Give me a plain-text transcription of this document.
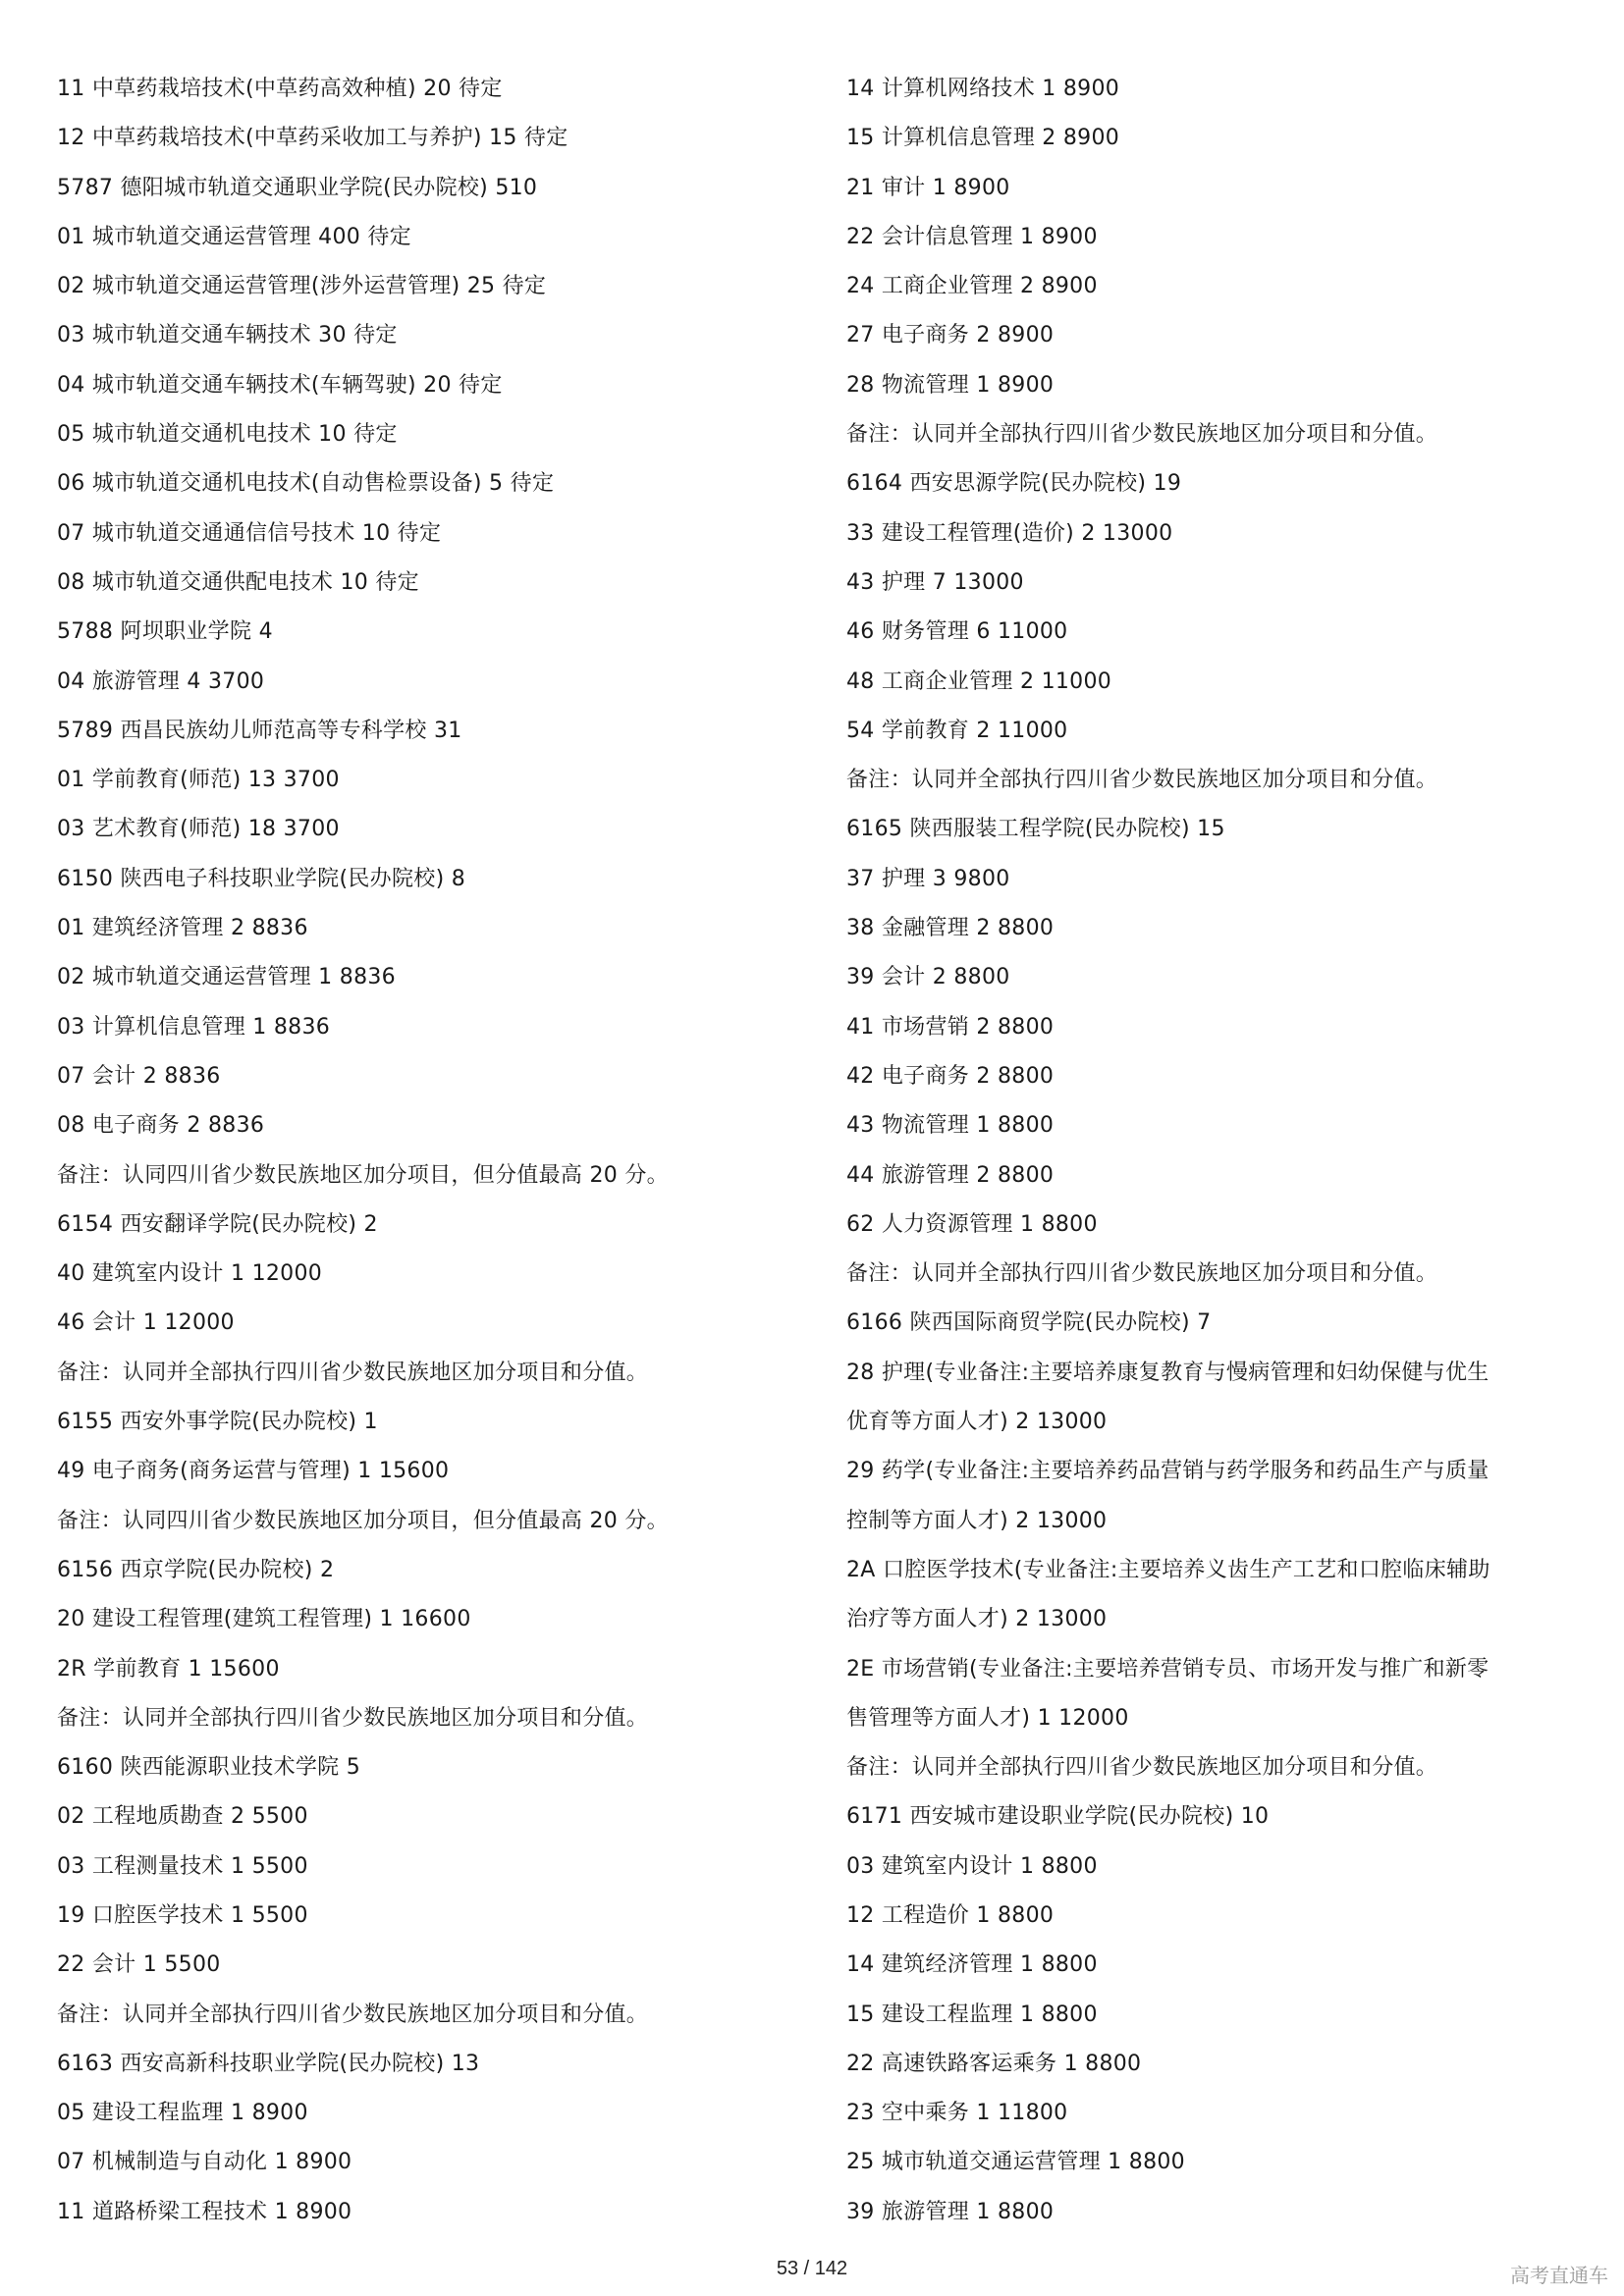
11 中草药栽培技术(中草药高效种植) 20 待定
12 中草药栽培技术(中草药采收加工与养护) 15 待定
5787 德阳城市轨道交通职业学院(民办院校) 510
01 城市轨道交通运营管理 400 待定
02 城市轨道交通运营管理(涉外运营管理) 25 待定
03 城市轨道交通车辆技术 30 待定
04 城市轨道交通车辆技术(车辆驾驶) 20 待定
05 城市轨道交通机电技术 10 待定
06 城市轨道交通机电技术(自动售检票设备) 5 待定
07 城市轨道交通通信信号技术 10 待定
08 城市轨道交通供配电技术 10 待定
5788 阿坝职业学院 4
04 旅游管理 4 3700
5789 西昌民族幼儿师范高等专科学校 31
01 学前教育(师范) 13 3700
03 艺术教育(师范) 18 3700
6150 陕西电子科技职业学院(民办院校) 8
01 建筑经济管理 2 8836
02 城市轨道交通运营管理 1 8836
03 计算机信息管理 1 8836
07 会计 2 8836
08 电子商务 2 8836
备注：认同四川省少数民族地区加分项目，但分值最高 20 分。
6154 西安翻译学院(民办院校) 2
40 建筑室内设计 1 12000
46 会计 1 12000
备注：认同并全部执行四川省少数民族地区加分项目和分值。
6155 西安外事学院(民办院校) 1
49 电子商务(商务运营与管理) 1 15600
备注：认同四川省少数民族地区加分项目，但分值最高 20 分。
6156 西京学院(民办院校) 2
20 建设工程管理(建筑工程管理) 1 16600
2R 学前教育 1 15600
备注：认同并全部执行四川省少数民族地区加分项目和分值。
6160 陕西能源职业技术学院 5
02 工程地质勘查 2 5500
03 工程测量技术 1 5500
19 口腔医学技术 1 5500
22 会计 1 5500
备注：认同并全部执行四川省少数民族地区加分项目和分值。
6163 西安高新科技职业学院(民办院校) 13
05 建设工程监理 1 8900
07 机械制造与自动化 1 8900
11 道路桥梁工程技术 1 8900
14 计算机网络技术 1 8900
15 计算机信息管理 2 8900
21 审计 1 8900
22 会计信息管理 1 8900
24 工商企业管理 2 8900
27 电子商务 2 8900
28 物流管理 1 8900
备注：认同并全部执行四川省少数民族地区加分项目和分值。
6164 西安思源学院(民办院校) 19
33 建设工程管理(造价) 2 13000
43 护理 7 13000
46 财务管理 6 11000
48 工商企业管理 2 11000
54 学前教育 2 11000
备注：认同并全部执行四川省少数民族地区加分项目和分值。
6165 陕西服装工程学院(民办院校) 15
37 护理 3 9800
38 金融管理 2 8800
39 会计 2 8800
41 市场营销 2 8800
42 电子商务 2 8800
43 物流管理 1 8800
44 旅游管理 2 8800
62 人力资源管理 1 8800
备注：认同并全部执行四川省少数民族地区加分项目和分值。
6166 陕西国际商贸学院(民办院校) 7
28 护理(专业备注:主要培养康复教育与慢病管理和妇幼保健与优生
优育等方面人才) 2 13000
29 药学(专业备注:主要培养药品营销与药学服务和药品生产与质量
控制等方面人才) 2 13000
2A 口腔医学技术(专业备注:主要培养义齿生产工艺和口腔临床辅助
治疗等方面人才) 2 13000
2E 市场营销(专业备注:主要培养营销专员、市场开发与推广和新零
售管理等方面人才) 1 12000
备注：认同并全部执行四川省少数民族地区加分项目和分值。
6171 西安城市建设职业学院(民办院校) 10
03 建筑室内设计 1 8800
12 工程造价 1 8800
14 建筑经济管理 1 8800
15 建设工程监理 1 8800
22 高速铁路客运乘务 1 8800
23 空中乘务 1 11800
25 城市轨道交通运营管理 1 8800
39 旅游管理 1 8800
53 / 142	高考直通车
